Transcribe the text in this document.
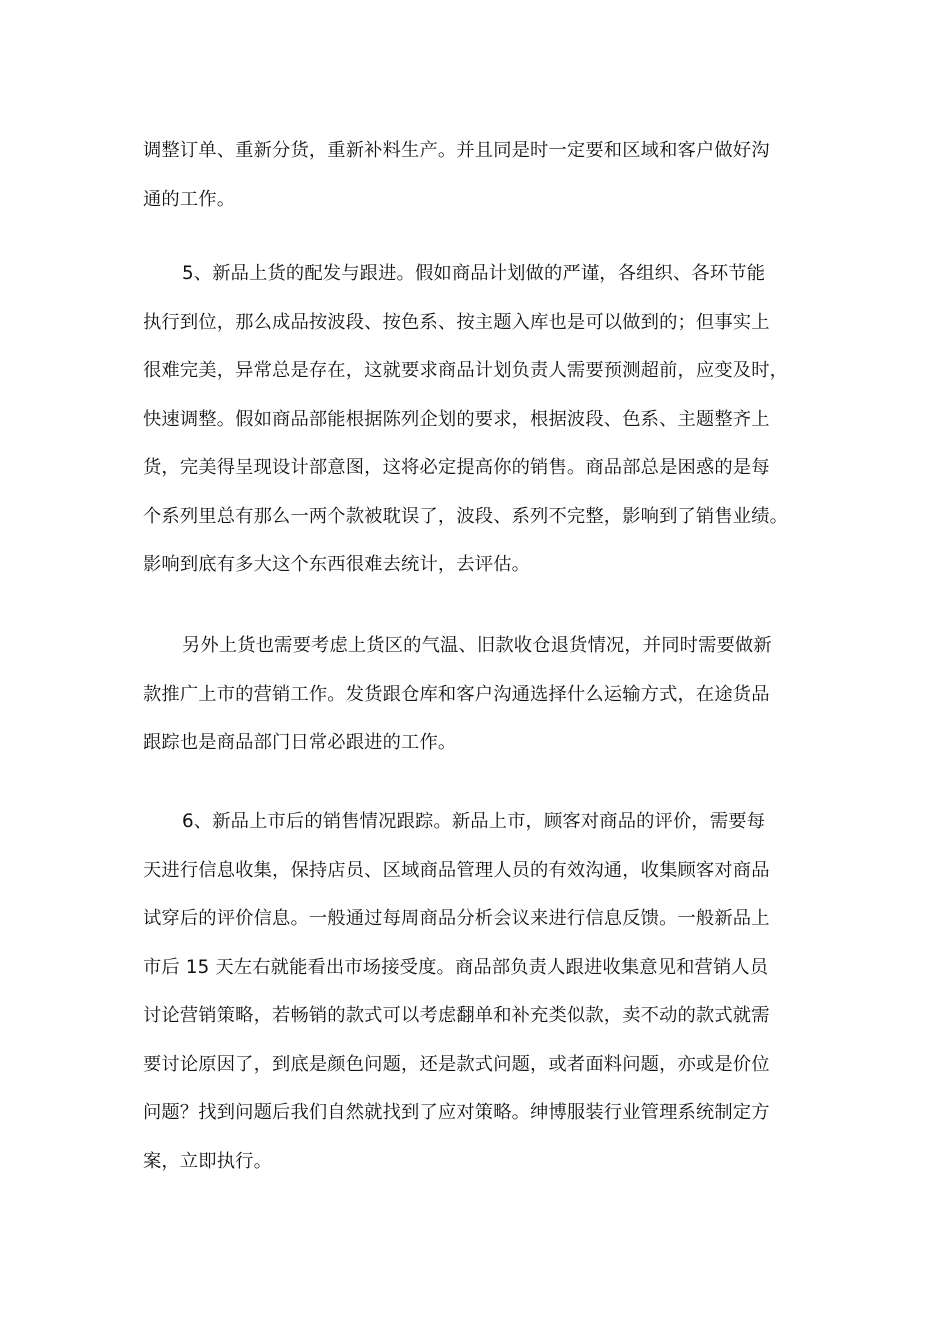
调整订单、重新分货，重新补料生产。并且同是时一定要和区域和客户做好沟
通的工作。
5、新品上货的配发与跟进。假如商品计划做的严谨，各组织、各环节能
执行到位，那么成品按波段、按色系、按主题入库也是可以做到的；但事实上
很难完美，异常总是存在，这就要求商品计划负责人需要预测超前，应变及时，
快速调整。假如商品部能根据陈列企划的要求，根据波段、色系、主题整齐上
货，完美得呈现设计部意图，这将必定提高你的销售。商品部总是困惑的是每
个系列里总有那么一两个款被耽误了，波段、系列不完整，影响到了销售业绩。
影响到底有多大这个东西很难去统计，去评估。
另外上货也需要考虑上货区的气温、旧款收仓退货情况，并同时需要做新
款推广上市的营销工作。发货跟仓库和客户沟通选择什么运输方式，在途货品
跟踪也是商品部门日常必跟进的工作。
6、新品上市后的销售情况跟踪。新品上市，顾客对商品的评价，需要每
天进行信息收集，保持店员、区域商品管理人员的有效沟通，收集顾客对商品
试穿后的评价信息。一般通过每周商品分析会议来进行信息反馈。一般新品上
市后 15 天左右就能看出市场接受度。商品部负责人跟进收集意见和营销人员
讨论营销策略，若畅销的款式可以考虑翻单和补充类似款，卖不动的款式就需
要讨论原因了，到底是颜色问题，还是款式问题，或者面料问题，亦或是价位
问题？找到问题后我们自然就找到了应对策略。绅博服装行业管理系统制定方
案，立即执行。
